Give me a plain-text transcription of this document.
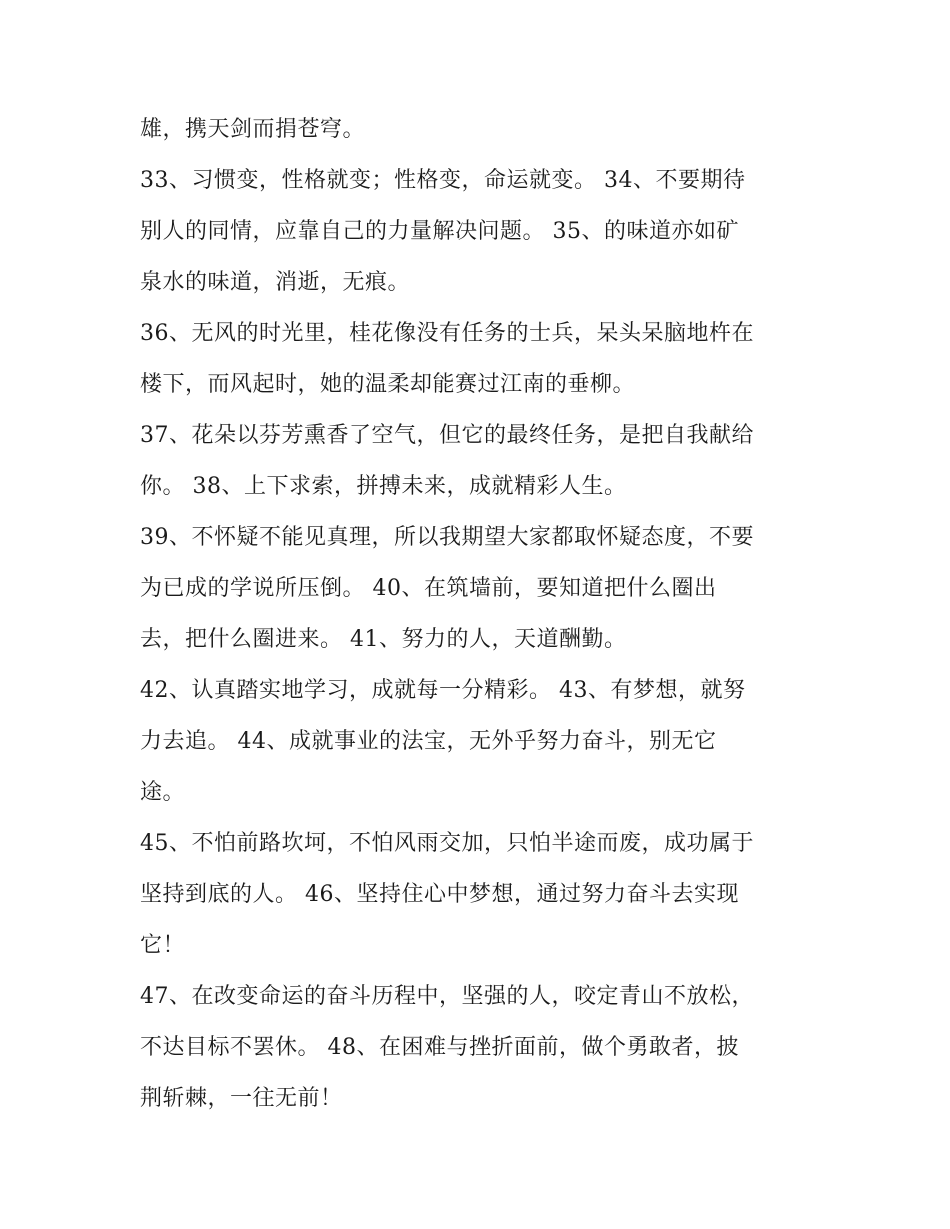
雄，携天剑而捐苍穹。
33、习惯变，性格就变；性格变，命运就变。 34、不要期待
别人的同情，应靠自己的力量解决问题。 35、的味道亦如矿
泉水的味道，消逝，无痕。
36、无风的时光里，桂花像没有任务的士兵，呆头呆脑地杵在
楼下，而风起时，她的温柔却能赛过江南的垂柳。
37、花朵以芬芳熏香了空气，但它的最终任务，是把自我献给
你。 38、上下求索，拼搏未来，成就精彩人生。
39、不怀疑不能见真理，所以我期望大家都取怀疑态度，不要
为已成的学说所压倒。 40、在筑墙前，要知道把什么圈出
去，把什么圈进来。 41、努力的人，天道酬勤。
42、认真踏实地学习，成就每一分精彩。 43、有梦想，就努
力去追。 44、成就事业的法宝，无外乎努力奋斗，别无它
途。
45、不怕前路坎坷，不怕风雨交加，只怕半途而废，成功属于
坚持到底的人。 46、坚持住心中梦想，通过努力奋斗去实现
它！
47、在改变命运的奋斗历程中，坚强的人，咬定青山不放松，
不达目标不罢休。 48、在困难与挫折面前，做个勇敢者，披
荆斩棘，一往无前！
